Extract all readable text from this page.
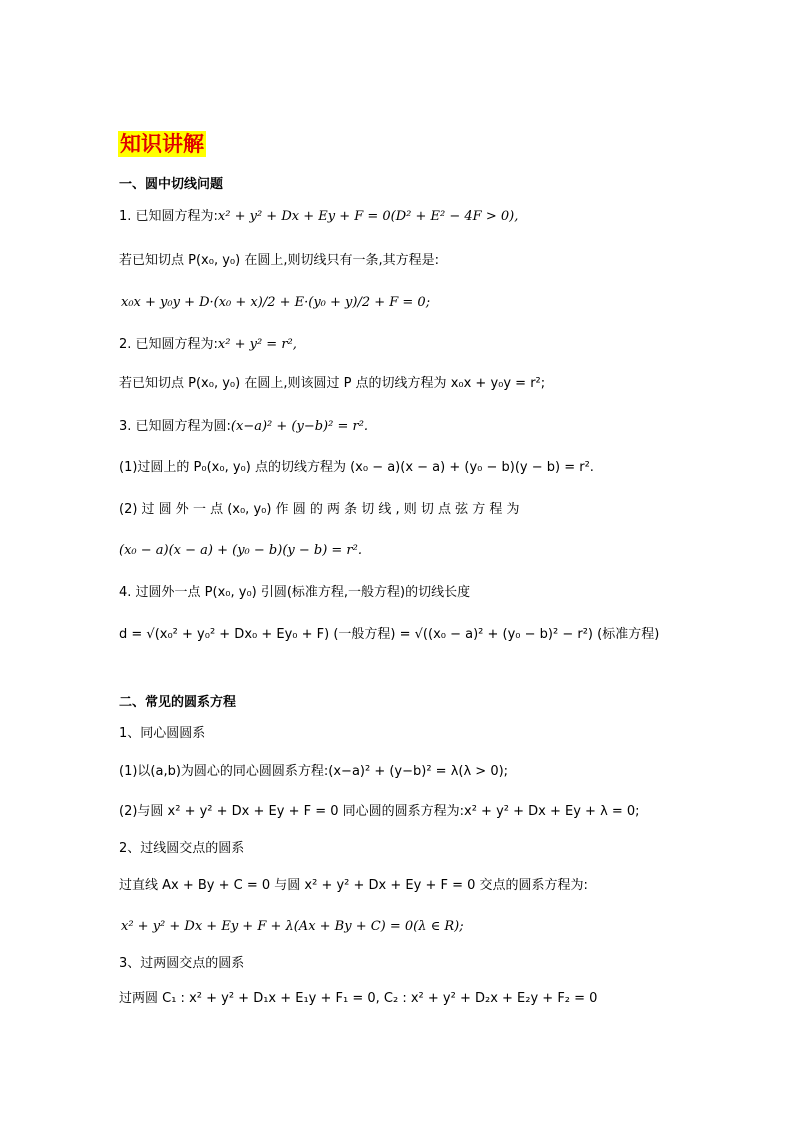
知识讲解
一、圆中切线问题
1. 已知圆方程为:x² + y² + Dx + Ey + F = 0(D² + E² − 4F > 0),
若已知切点 P(x₀, y₀) 在圆上,则切线只有一条,其方程是:
x₀x + y₀y + D·(x₀ + x)/2 + E·(y₀ + y)/2 + F = 0;
2. 已知圆方程为:x² + y² = r²,
若已知切点 P(x₀, y₀) 在圆上,则该圆过 P 点的切线方程为 x₀x + y₀y = r²;
3. 已知圆方程为圆:(x−a)² + (y−b)² = r².
(1)过圆上的 P₀(x₀, y₀) 点的切线方程为 (x₀ − a)(x − a) + (y₀ − b)(y − b) = r².
(2) 过 圆 外 一 点 (x₀, y₀) 作 圆 的 两 条 切 线 , 则 切 点 弦 方 程 为
(x₀ − a)(x − a) + (y₀ − b)(y − b) = r².
4. 过圆外一点 P(x₀, y₀) 引圆(标准方程,一般方程)的切线长度
d = √(x₀² + y₀² + Dx₀ + Ey₀ + F) (一般方程) = √((x₀ − a)² + (y₀ − b)² − r²) (标准方程)
二、常见的圆系方程
1、同心圆圆系
(1)以(a,b)为圆心的同心圆圆系方程:(x−a)² + (y−b)² = λ(λ > 0);
(2)与圆 x² + y² + Dx + Ey + F = 0 同心圆的圆系方程为:x² + y² + Dx + Ey + λ = 0;
2、过线圆交点的圆系
过直线 Ax + By + C = 0 与圆 x² + y² + Dx + Ey + F = 0 交点的圆系方程为:
x² + y² + Dx + Ey + F + λ(Ax + By + C) = 0(λ ∈ R);
3、过两圆交点的圆系
过两圆 C₁ : x² + y² + D₁x + E₁y + F₁ = 0, C₂ : x² + y² + D₂x + E₂y + F₂ = 0
